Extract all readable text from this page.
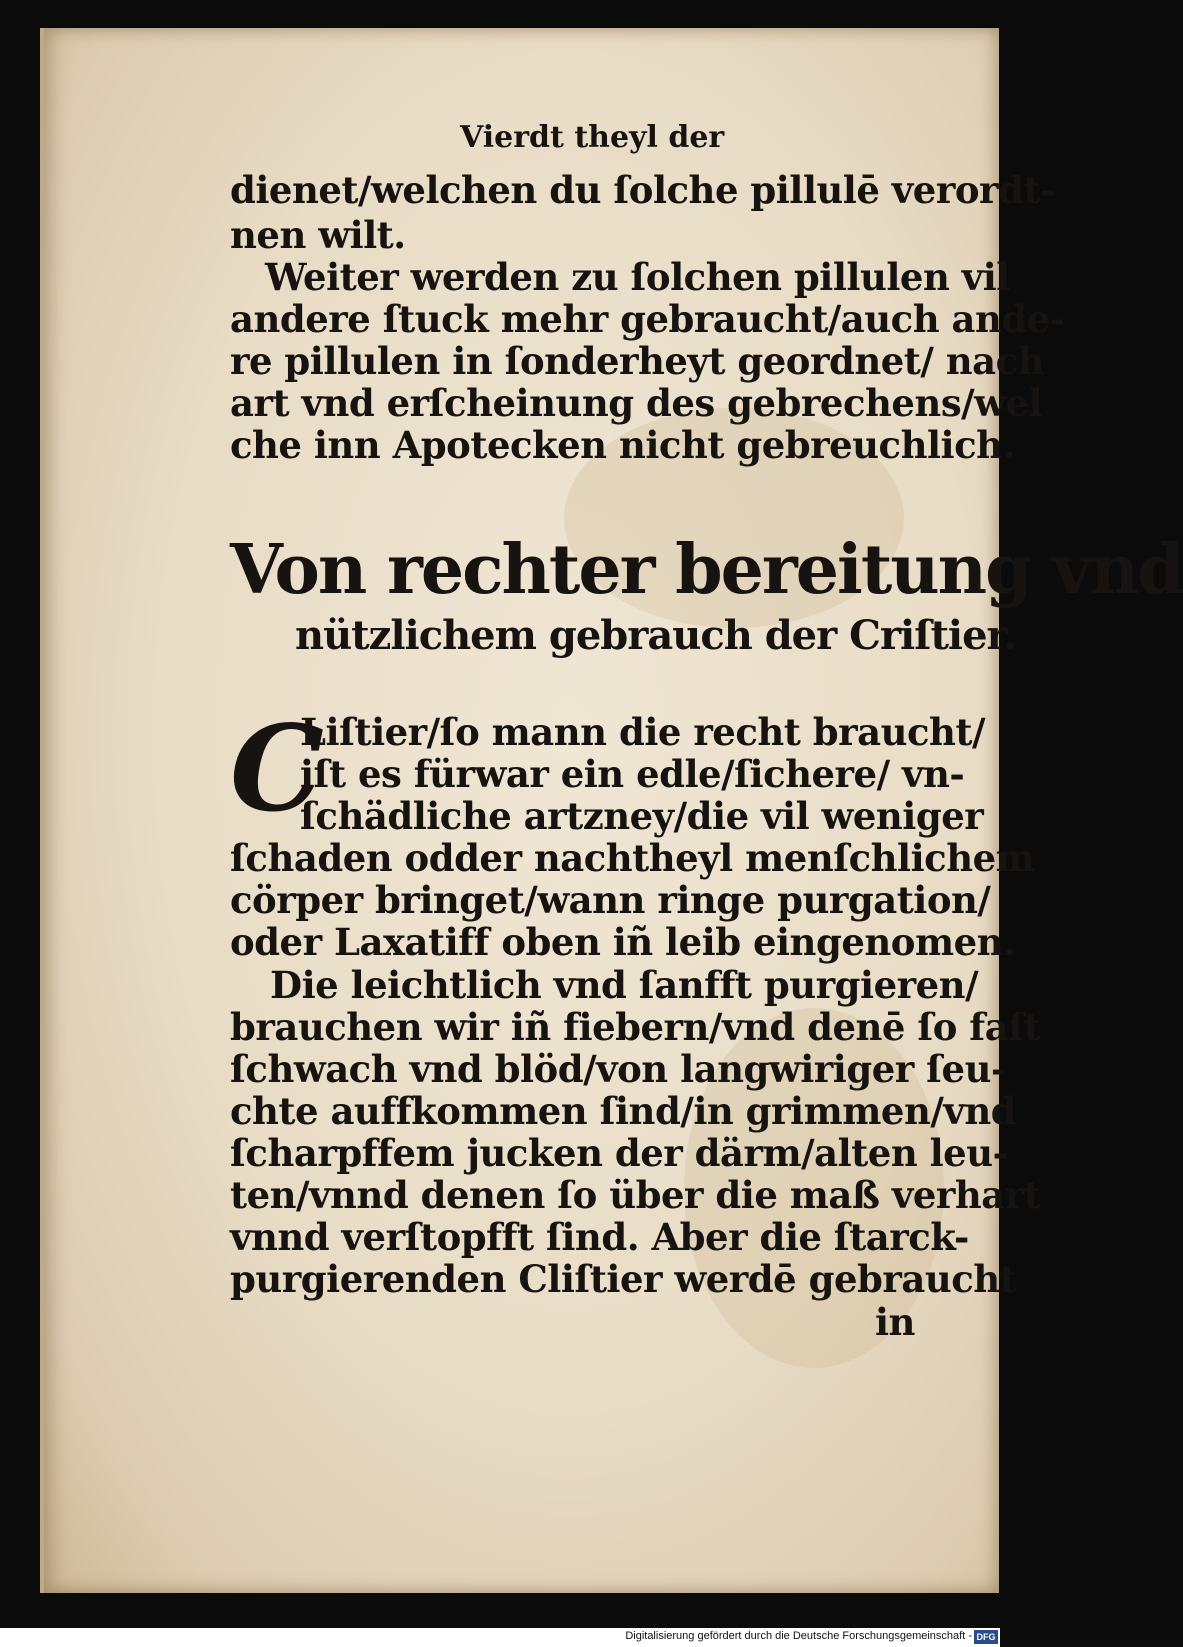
Vierdt theyl der
dienet/welchen du ſolche pillulē verordt-
nen wilt.
Weiter werden zu ſolchen pillulen vil
andere ſtuck mehr gebraucht/auch ande-
re pillulen in ſonderheyt geordnet/ nach
art vnd erſcheinung des gebrechens/wel
che inn Apotecken nicht gebreuchlich.
Von rechter bereitung vnd
nützlichem gebrauch der Criſtier.
C
Liſtier/ſo mann die recht braucht/
iſt es fürwar ein edle/ſichere/ vn-
ſchädliche artzney/die vil weniger
ſchaden odder nachtheyl menſchlichem
cörper bringet/wann ringe purgation/
oder Laxatiff oben iñ leib eingenomen.
Die leichtlich vnd ſanfft purgieren/
brauchen wir iñ fiebern/vnd denē ſo faſt
ſchwach vnd blöd/von langwiriger ſeu-
chte auffkommen ſind/in grimmen/vnd
ſcharpffem jucken der därm/alten leu-
ten/vnnd denen ſo über die maß verhart
vnnd verſtopfft ſind. Aber die ſtarck-
purgierenden Cliſtier werdē gebraucht
in
Digitalisierung gefördert durch die Deutsche Forschungsgemeinschaft - DFG
